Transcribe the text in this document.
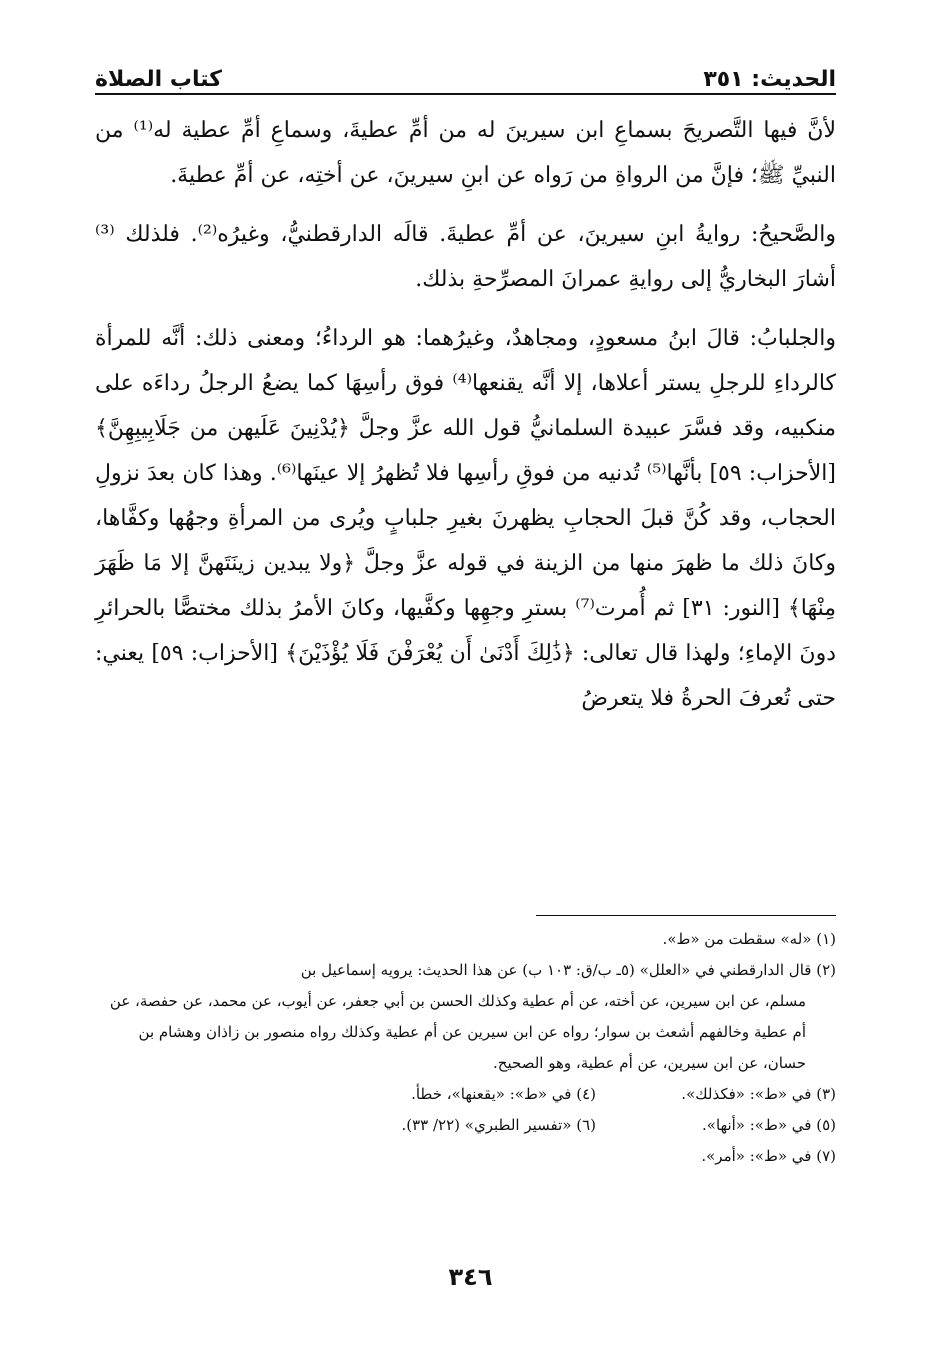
الحديث: ٣٥١
كتاب الصلاة

لأنَّ فيها التَّصريحَ بسماعِ ابن سيرينَ له من أمِّ عطيةَ، وسماعِ أمِّ عطية له⁽¹⁾ من النبيِّ ﷺ؛ فإنَّ من الرواةِ من رَواه عن ابنِ سيرينَ، عن أختِه، عن أمِّ عطيةَ.

والصَّحيحُ: روايةُ ابنِ سيرينَ، عن أمِّ عطيةَ. قالَه الدارقطنيُّ، وغيرُه⁽²⁾. فلذلك ⁽³⁾ أشارَ البخاريُّ إلى روايةِ عمرانَ المصرِّحةِ بذلك.

والجلبابُ: قالَ ابنُ مسعودٍ، ومجاهدٌ، وغيرُهما: هو الرداءُ؛ ومعنى ذلك: أنَّه للمرأة كالرداءِ للرجلِ يستر أعلاها، إلا أنَّه يقنعها⁽⁴⁾ فوق رأسِهَا كما يضعُ الرجلُ رداءَه على منكبيه، وقد فسَّرَ عبيدة السلمانيُّ قول الله عزَّ وجلَّ ﴿يُدْنِينَ عَلَيهن من جَلَابِيبِهِنَّ﴾[الأحزاب: ٥٩] بأنَّها⁽⁵⁾ تُدنيه من فوقِ رأسِها فلا تُظهرُ إلا عينَها⁽⁶⁾. وهذا كان بعدَ نزولِ الحجاب، وقد كُنَّ قبلَ الحجابِ يظهرنَ بغيرِ جلبابٍ ويُرى من المرأةِ وجهُها وكفَّاها، وكانَ ذلك ما ظهرَ منها من الزينة في قوله عزَّ وجلَّ ﴿ولا يبدين زينَتَهنَّ إلا مَا ظَهَرَ مِنْهَا﴾ [النور: ٣١] ثم أُمرت⁽⁷⁾ بسترِ وجهِها وكفَّيها، وكانَ الأمرُ بذلك مختصًّا بالحرائرِ دونَ الإماءِ؛ ولهذا قال تعالى: ﴿ذَٰلِكَ أَدْنَىٰ أَن يُعْرَفْنَ فَلَا يُؤْذَيْنَ﴾ [الأحزاب: ٥٩] يعني: حتى تُعرفَ الحرةُ فلا يتعرضُ

(١) «له» سقطت من «ط».

(٢) قال الدارقطني في «العلل» (٥ـ ب/ق: ١٠٣ ب) عن هذا الحديث: يرويه إسماعيل بن

مسلم، عن ابن سيرين، عن أخته، عن أم عطية وكذلك الحسن بن أبي جعفر، عن أيوب، عن محمد، عن حفصة، عن أم عطية وخالفهم أشعث بن سوار؛ رواه عن ابن سيرين عن أم عطية وكذلك رواه منصور بن زاذان وهشام بن حسان، عن ابن سيرين، عن أم عطية، وهو الصحيح.

(٣) في «ط»: «فكذلك».

(٤) في «ط»: «يقعنها»، خطأ.

(٥) في «ط»: «أنها».

(٦) «تفسير الطبري» (٢٢/ ٣٣).

(٧) في «ط»: «أمر».

٣٤٦
